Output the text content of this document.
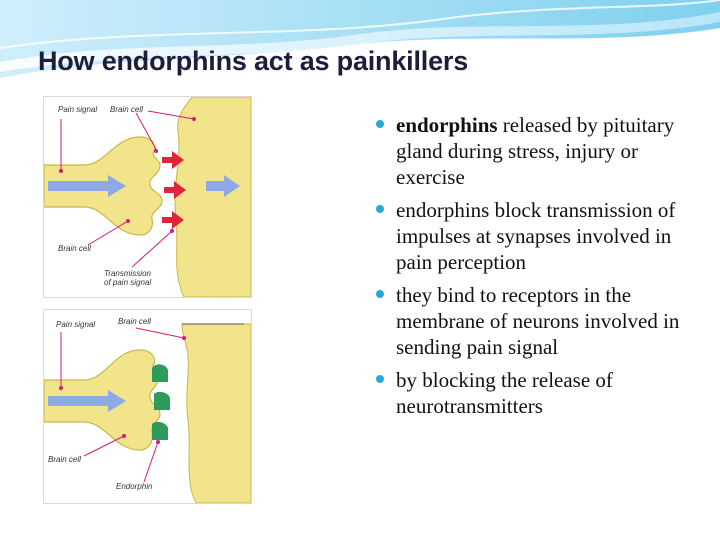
How endorphins act as painkillers
Pain signal Brain cell
Brain cell
Transmission
of pain signal
Pain signal	Brain cell
Brain cell
Endorphin
endorphins released by pituitary gland during stress, injury or exercise
endorphins block transmission of impulses at synapses involved in pain perception
they bind to receptors in the membrane of neurons involved in sending pain signal
by blocking the release of neurotransmitters
